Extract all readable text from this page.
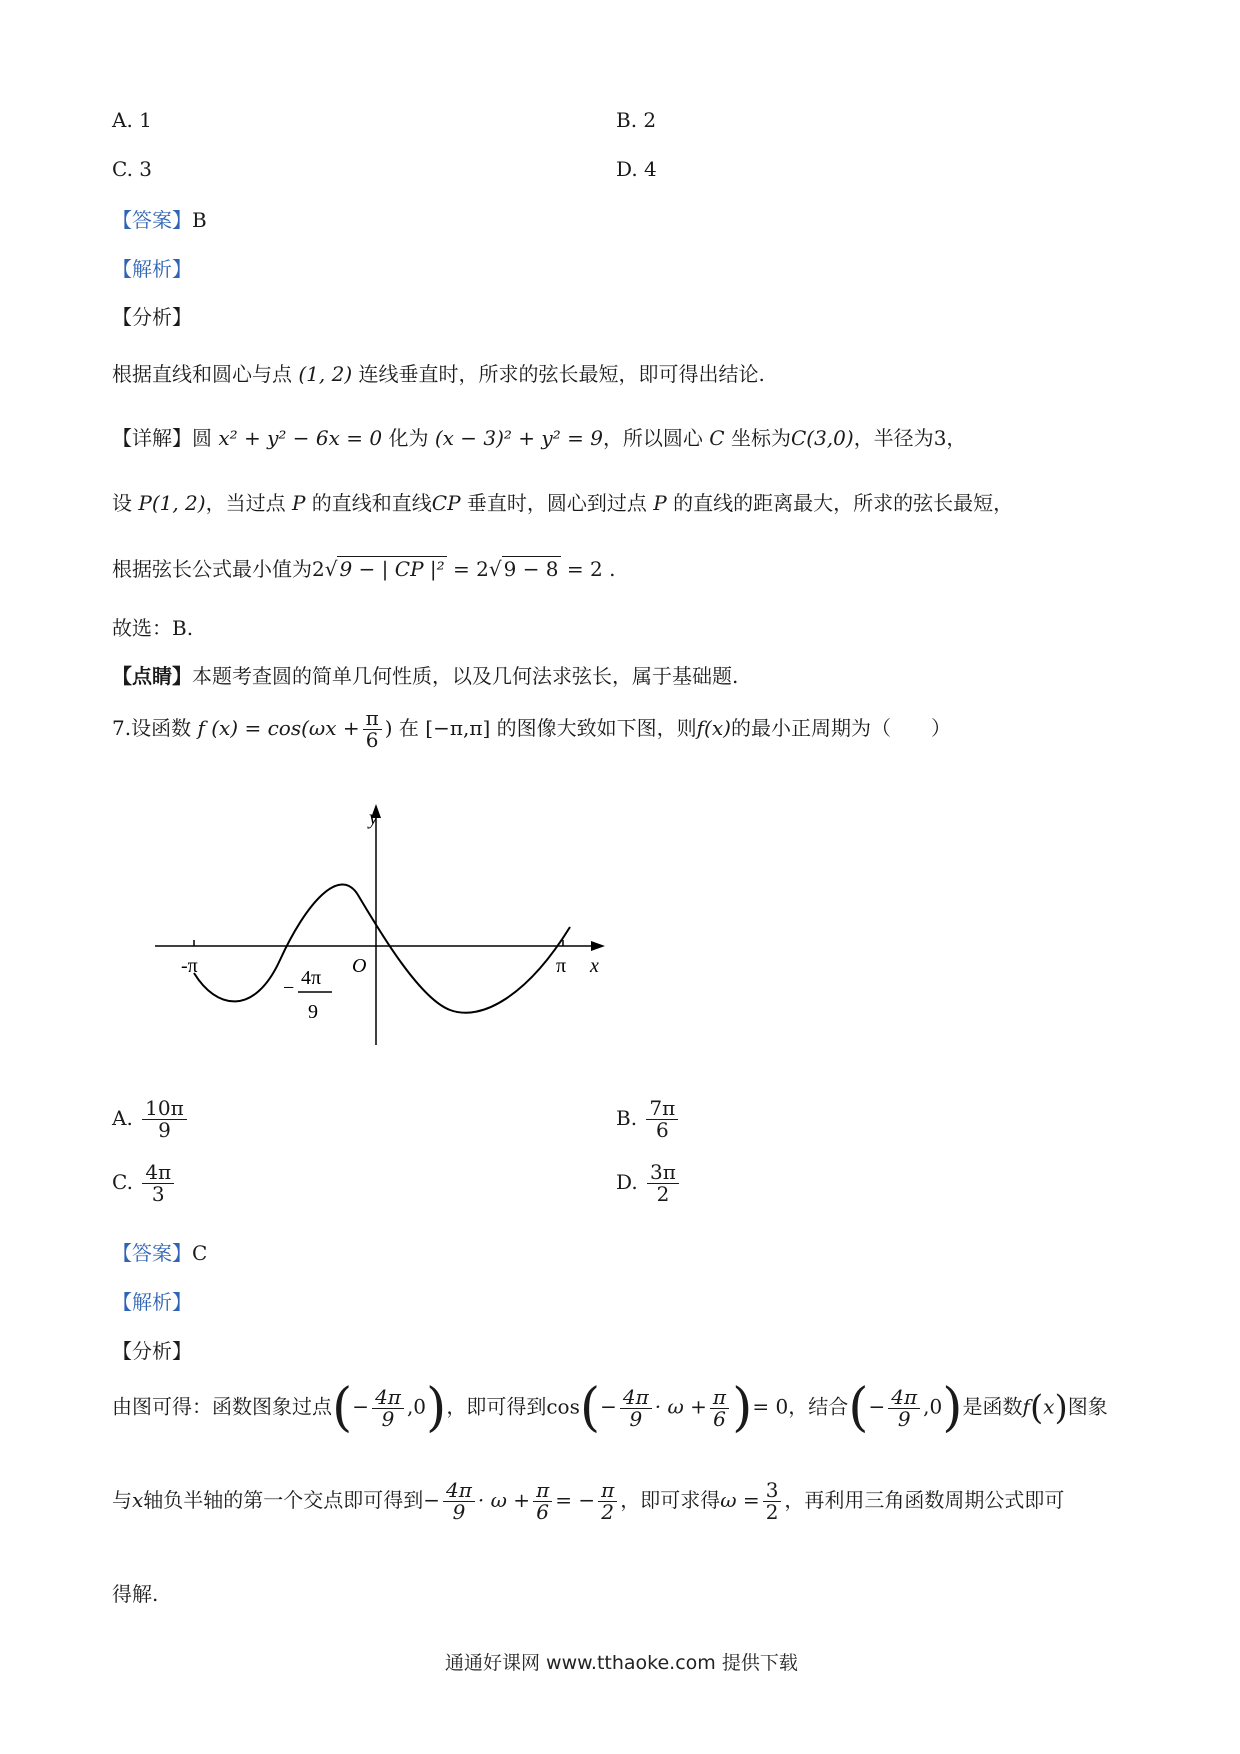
A. 1	B. 2
C. 3	D. 4
【答案】B
【解析】
【分析】
根据直线和圆心与点 (1, 2) 连线垂直时，所求的弦长最短，即可得出结论.
【详解】圆 x² + y² − 6x = 0 化为 (x − 3)² + y² = 9，所以圆心 C 坐标为C(3,0)，半径为3，
设 P(1, 2)，当过点 P 的直线和直线CP 垂直时，圆心到过点 P 的直线的距离最大，所求的弦长最短，
根据弦长公式最小值为2√ 9 − | CP |² = 2√ 9 − 8 = 2 .
故选：B.
【点睛】本题考查圆的简单几何性质，以及几何法求弦长，属于基础题.
7.设函数 f $(x) = \cos(\omega x + \frac{\pi}{6}$ ) 在 [−π,π] 的图像大致如下图，则f(x)的最小正周期为（　　）
y
x
O
-π	π
− 4π
9
A. $\frac{10\pi}{9}$	B. $\frac{7\pi}{6}$
C. $\frac{4\pi}{3}$	D. $\frac{3\pi}{2}$
【答案】C
【解析】
【分析】
由图可得：函数图象过点(− $\frac{4\pi}{9} ,0$)，即可得到$\cos(- \frac{4\pi}{9} \cdot \omega + \frac{\pi}{6}$ )= 0，结合(− $\frac{4\pi}{9} ,0$)是函数f(x)图象
与x轴负半轴的第一个交点即可得到− $\frac{4\pi}{9} \cdot \omega + \frac{\pi}{6}$ = − $\frac{\pi}{2}$ ，即可求得$\omega = \frac{3}{2}$ ，再利用三角函数周期公式即可
得解.
通通好课网 www.tthaoke.com 提供下载
